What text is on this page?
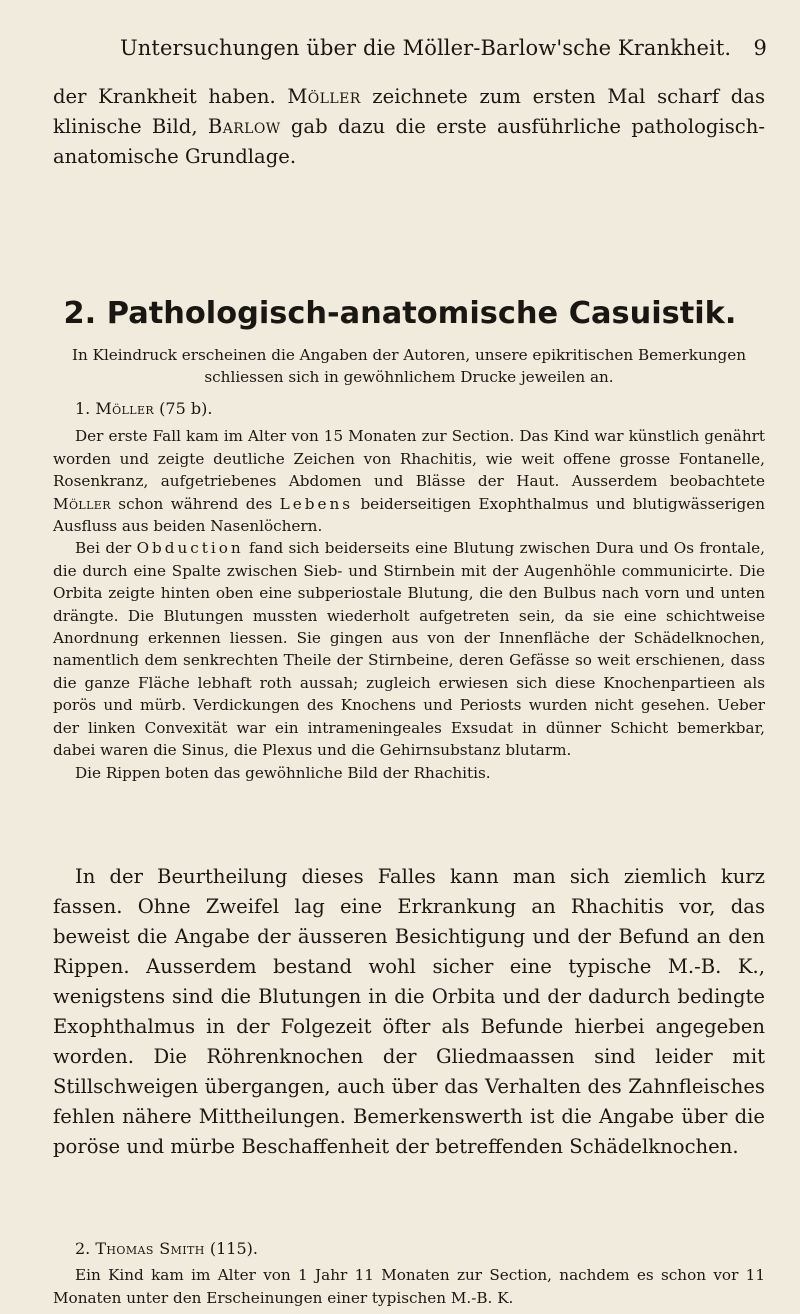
Untersuchungen über die Möller-Barlow'sche Krankheit. 9

der Krankheit haben. Möller zeichnete zum ersten Mal scharf das klinische Bild, Barlow gab dazu die erste ausführliche pathologisch-anatomische Grundlage.

2. Pathologisch-anatomische Casuistik.

In Kleindruck erscheinen die Angaben der Autoren, unsere epikritischen Bemerkungen schliessen sich in gewöhnlichem Drucke jeweilen an.

1. Möller (75 b).

Der erste Fall kam im Alter von 15 Monaten zur Section. Das Kind war künstlich genährt worden und zeigte deutliche Zeichen von Rhachitis, wie weit offene grosse Fontanelle, Rosenkranz, aufgetriebenes Abdomen und Blässe der Haut. Ausserdem beobachtete Möller schon während des Lebens beiderseitigen Exophthalmus und blutigwässerigen Ausfluss aus beiden Nasenlöchern.

Bei der Obduction fand sich beiderseits eine Blutung zwischen Dura und Os frontale, die durch eine Spalte zwischen Sieb- und Stirnbein mit der Augenhöhle communicirte. Die Orbita zeigte hinten oben eine subperiostale Blutung, die den Bulbus nach vorn und unten drängte. Die Blutungen mussten wiederholt aufgetreten sein, da sie eine schichtweise Anordnung erkennen liessen. Sie gingen aus von der Innenfläche der Schädelknochen, namentlich dem senkrechten Theile der Stirnbeine, deren Gefässe so weit erschienen, dass die ganze Fläche lebhaft roth aussah; zugleich erwiesen sich diese Knochenpartieen als porös und mürb. Verdickungen des Knochens und Periosts wurden nicht gesehen. Ueber der linken Convexität war ein intrameningeales Exsudat in dünner Schicht bemerkbar, dabei waren die Sinus, die Plexus und die Gehirnsubstanz blutarm.

Die Rippen boten das gewöhnliche Bild der Rhachitis.

In der Beurtheilung dieses Falles kann man sich ziemlich kurz fassen. Ohne Zweifel lag eine Erkrankung an Rhachitis vor, das beweist die Angabe der äusseren Besichtigung und der Befund an den Rippen. Ausserdem bestand wohl sicher eine typische M.-B. K., wenigstens sind die Blutungen in die Orbita und der dadurch bedingte Exophthalmus in der Folgezeit öfter als Befunde hierbei angegeben worden. Die Röhrenknochen der Gliedmaassen sind leider mit Stillschweigen übergangen, auch über das Verhalten des Zahnfleisches fehlen nähere Mittheilungen. Bemerkenswerth ist die Angabe über die poröse und mürbe Beschaffenheit der betreffenden Schädelknochen.

2. Thomas Smith (115).

Ein Kind kam im Alter von 1 Jahr 11 Monaten zur Section, nachdem es schon vor 11 Monaten unter den Erscheinungen einer typischen M.-B. K.
